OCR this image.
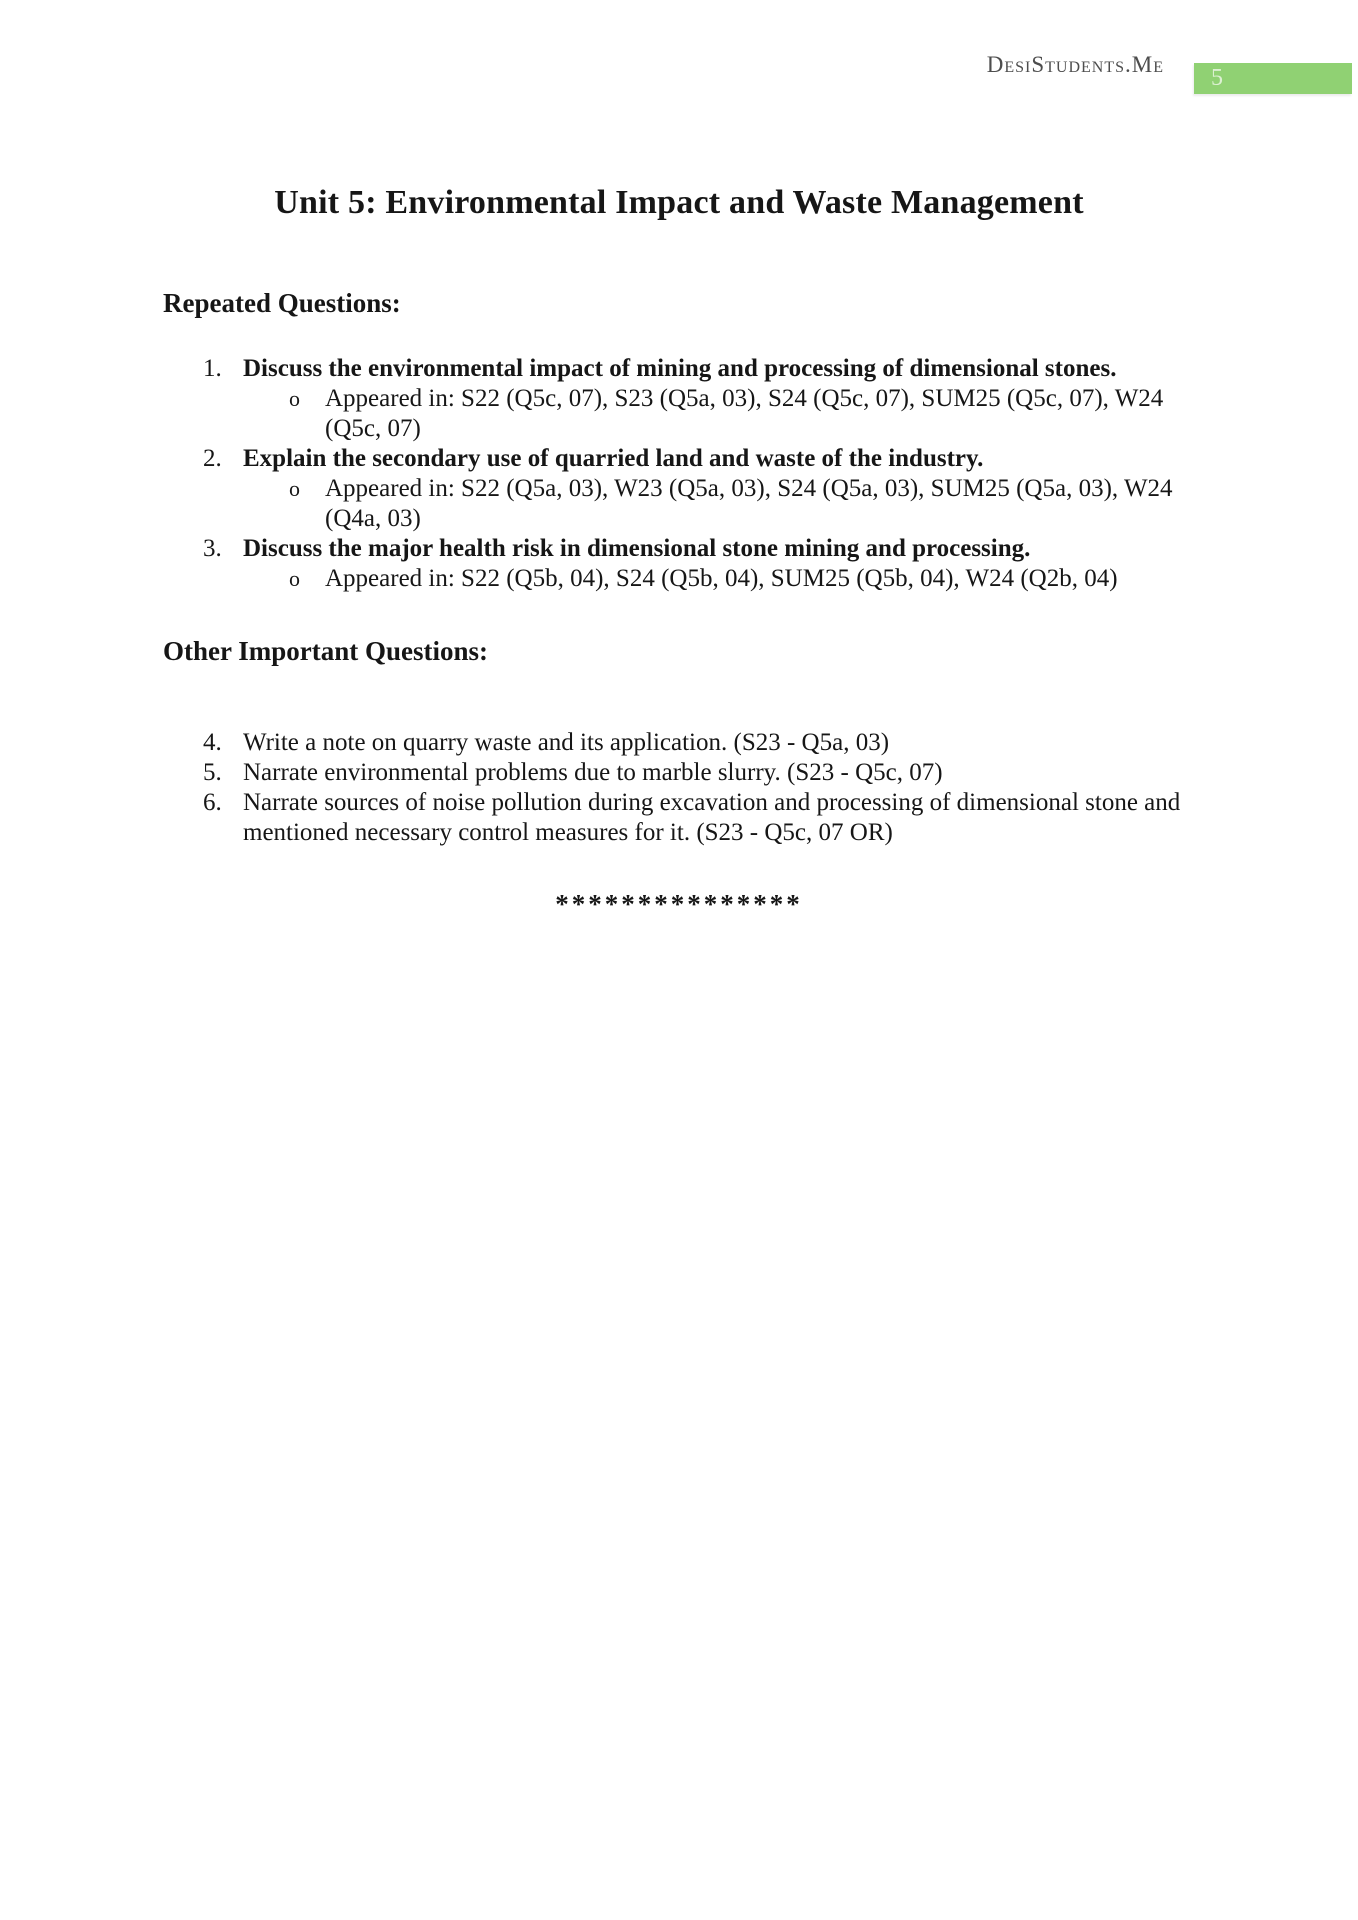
DesiStudents.Me
5
Unit 5: Environmental Impact and Waste Management
Repeated Questions:
1. Discuss the environmental impact of mining and processing of dimensional stones.
o	Appeared in: S22 (Q5c, 07), S23 (Q5a, 03), S24 (Q5c, 07), SUM25 (Q5c, 07), W24
(Q5c, 07)
2. Explain the secondary use of quarried land and waste of the industry.
o	Appeared in: S22 (Q5a, 03), W23 (Q5a, 03), S24 (Q5a, 03), SUM25 (Q5a, 03), W24
(Q4a, 03)
3. Discuss the major health risk in dimensional stone mining and processing.
o	Appeared in: S22 (Q5b, 04), S24 (Q5b, 04), SUM25 (Q5b, 04), W24 (Q2b, 04)
Other Important Questions:
4. Write a note on quarry waste and its application. (S23 - Q5a, 03)
5. Narrate environmental problems due to marble slurry. (S23 - Q5c, 07)
6. Narrate sources of noise pollution during excavation and processing of dimensional stone and
mentioned necessary control measures for it. (S23 - Q5c, 07 OR)
***************
